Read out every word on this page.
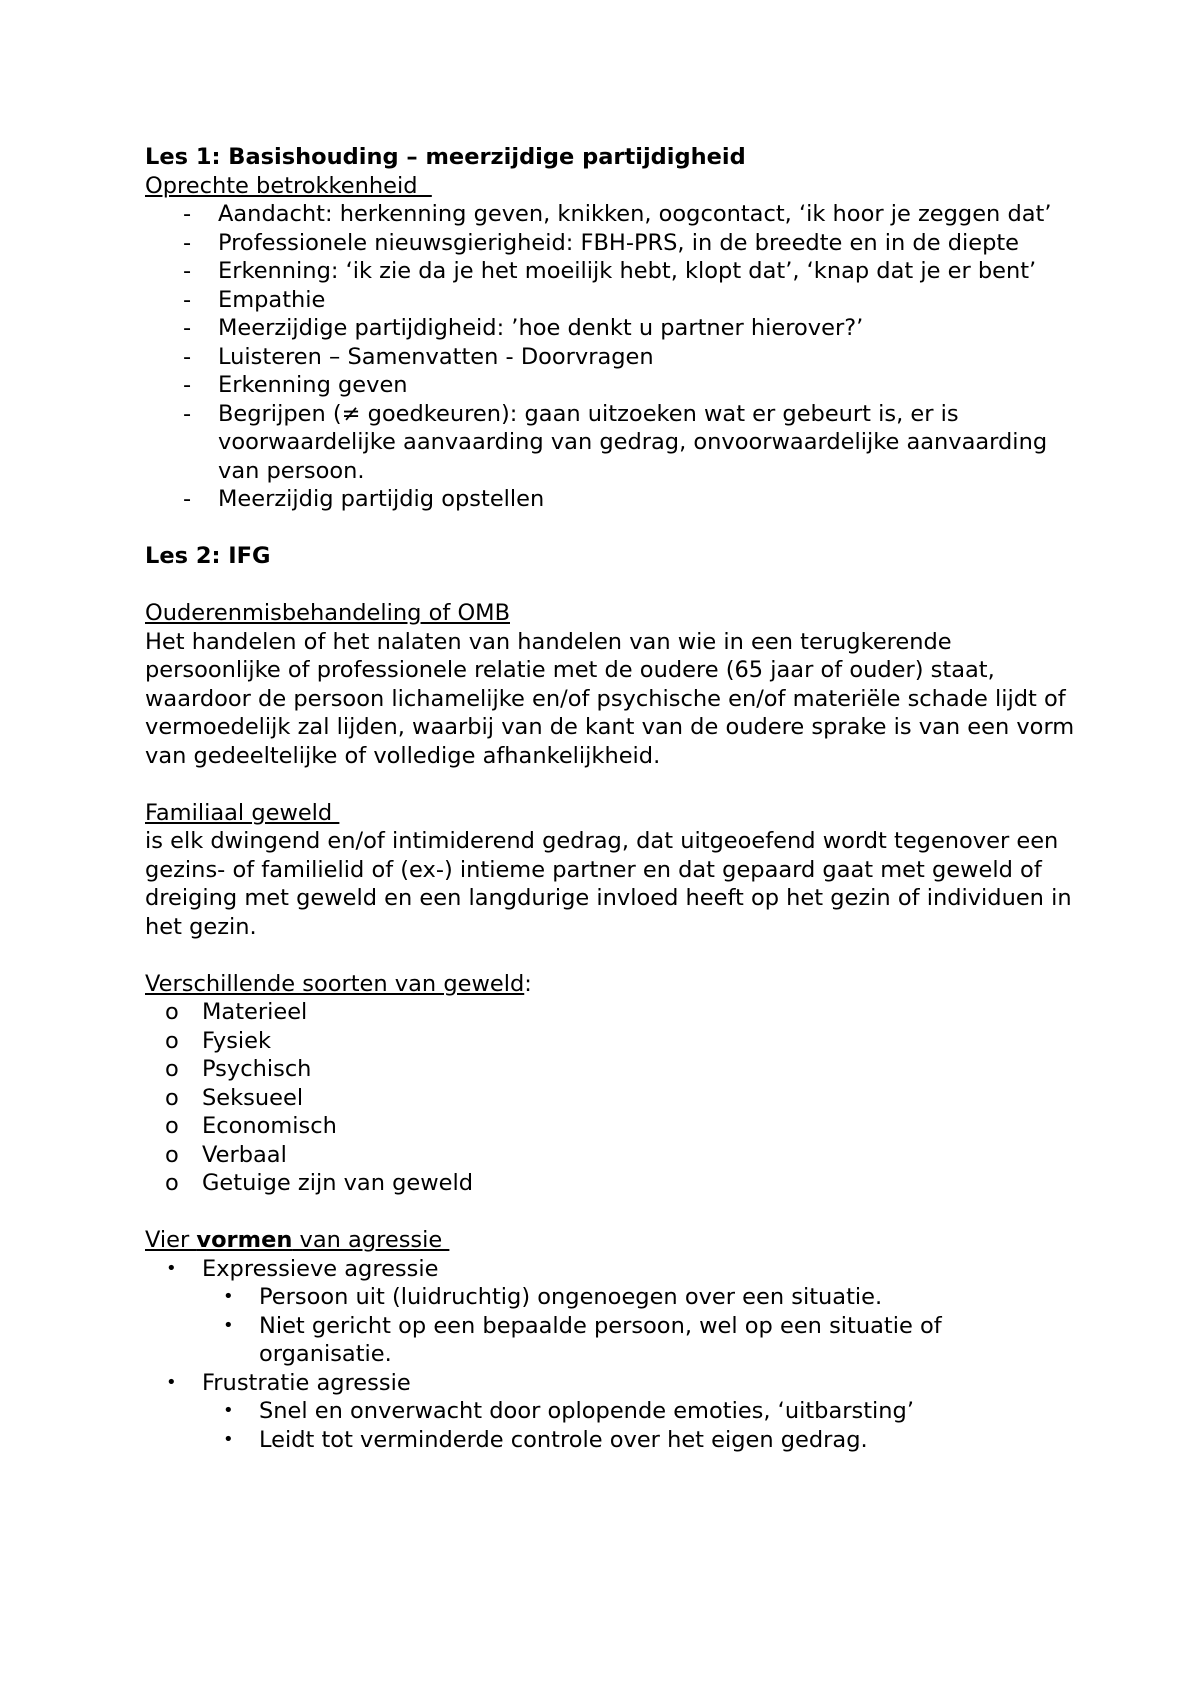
Les 1: Basishouding – meerzijdige partijdigheid

Oprechte betrokkenheid

- Aandacht: herkenning geven, knikken, oogcontact, ‘ik hoor je zeggen dat’
- Professionele nieuwsgierigheid: FBH-PRS, in de breedte en in de diepte
- Erkenning: ‘ik zie da je het moeilijk hebt, klopt dat’, ‘knap dat je er bent’
- Empathie
- Meerzijdige partijdigheid: ’hoe denkt u partner hierover?’
- Luisteren – Samenvatten - Doorvragen
- Erkenning geven
- Begrijpen (≠ goedkeuren): gaan uitzoeken wat er gebeurt is, er is voorwaardelijke aanvaarding van gedrag, onvoorwaardelijke aanvaarding van persoon.
- Meerzijdig partijdig opstellen

Les 2: IFG

Ouderenmisbehandeling of OMB

Het handelen of het nalaten van handelen van wie in een terugkerende persoonlijke of professionele relatie met de oudere (65 jaar of ouder) staat, waardoor de persoon lichamelijke en/of psychische en/of materiële schade lijdt of vermoedelijk zal lijden, waarbij van de kant van de oudere sprake is van een vorm van gedeeltelijke of volledige afhankelijkheid.

Familiaal geweld

is elk dwingend en/of intimiderend gedrag, dat uitgeoefend wordt tegenover een gezins- of familielid of (ex-) intieme partner en dat gepaard gaat met geweld of dreiging met geweld en een langdurige invloed heeft op het gezin of individuen in het gezin.

Verschillende soorten van geweld:

o Materieel
o Fysiek
o Psychisch
o Seksueel
o Economisch
o Verbaal
o Getuige zijn van geweld

Vier vormen van agressie

• Expressieve agressie
• Persoon uit (luidruchtig) ongenoegen over een situatie.
• Niet gericht op een bepaalde persoon, wel op een situatie of organisatie.
• Frustratie agressie
• Snel en onverwacht door oplopende emoties, ‘uitbarsting’
• Leidt tot verminderde controle over het eigen gedrag.
